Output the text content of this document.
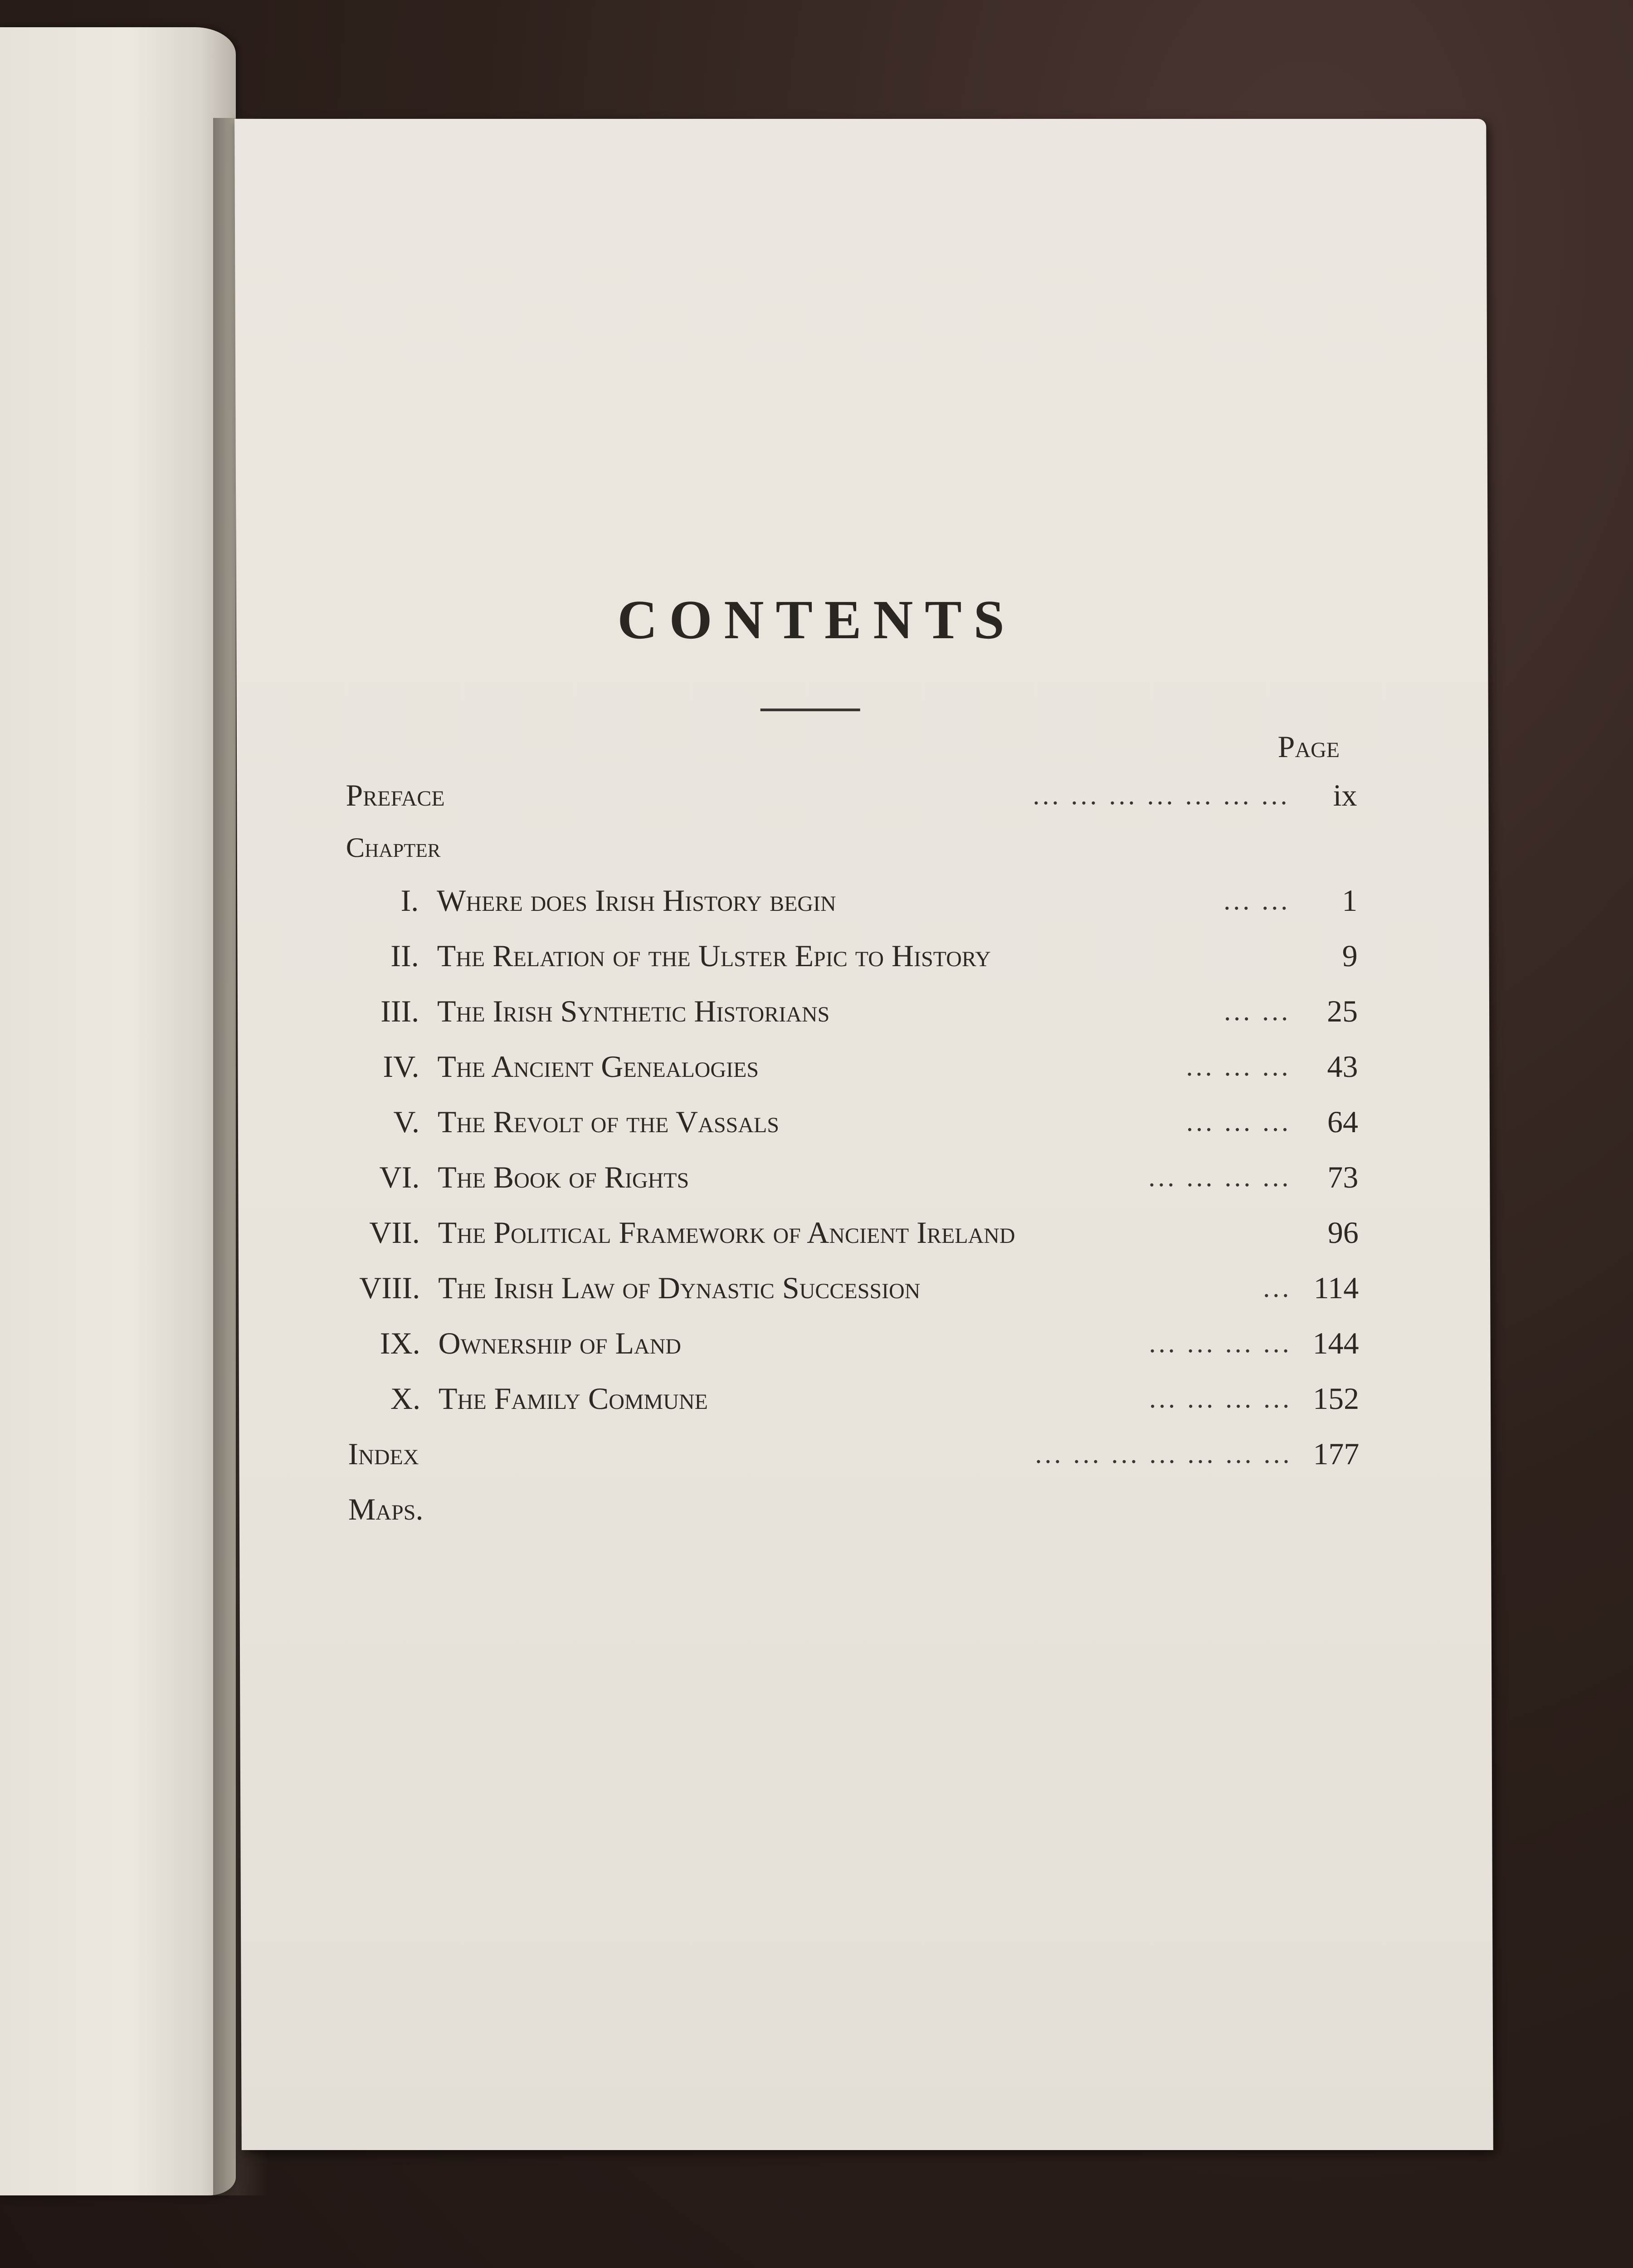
CONTENTS
Page
Preface	... ... ... ... ... ... ...	ix
Chapter
I. Where does Irish History begin	... ...	1
II. The Relation of the Ulster Epic to History	9
III. The Irish Synthetic Historians	... ...	25
IV. The Ancient Genealogies	... ... ...	43
V. The Revolt of the Vassals	... ... ...	64
VI. The Book of Rights	... ... ... ...	73
VII. The Political Framework of Ancient Ireland	96
VIII. The Irish Law of Dynastic Succession	... 114
IX. Ownership of Land	... ... ... ... 144
X. The Family Commune	... ... ... ... 152
Index	... ... ... ... ... ... ... 177
Maps.
